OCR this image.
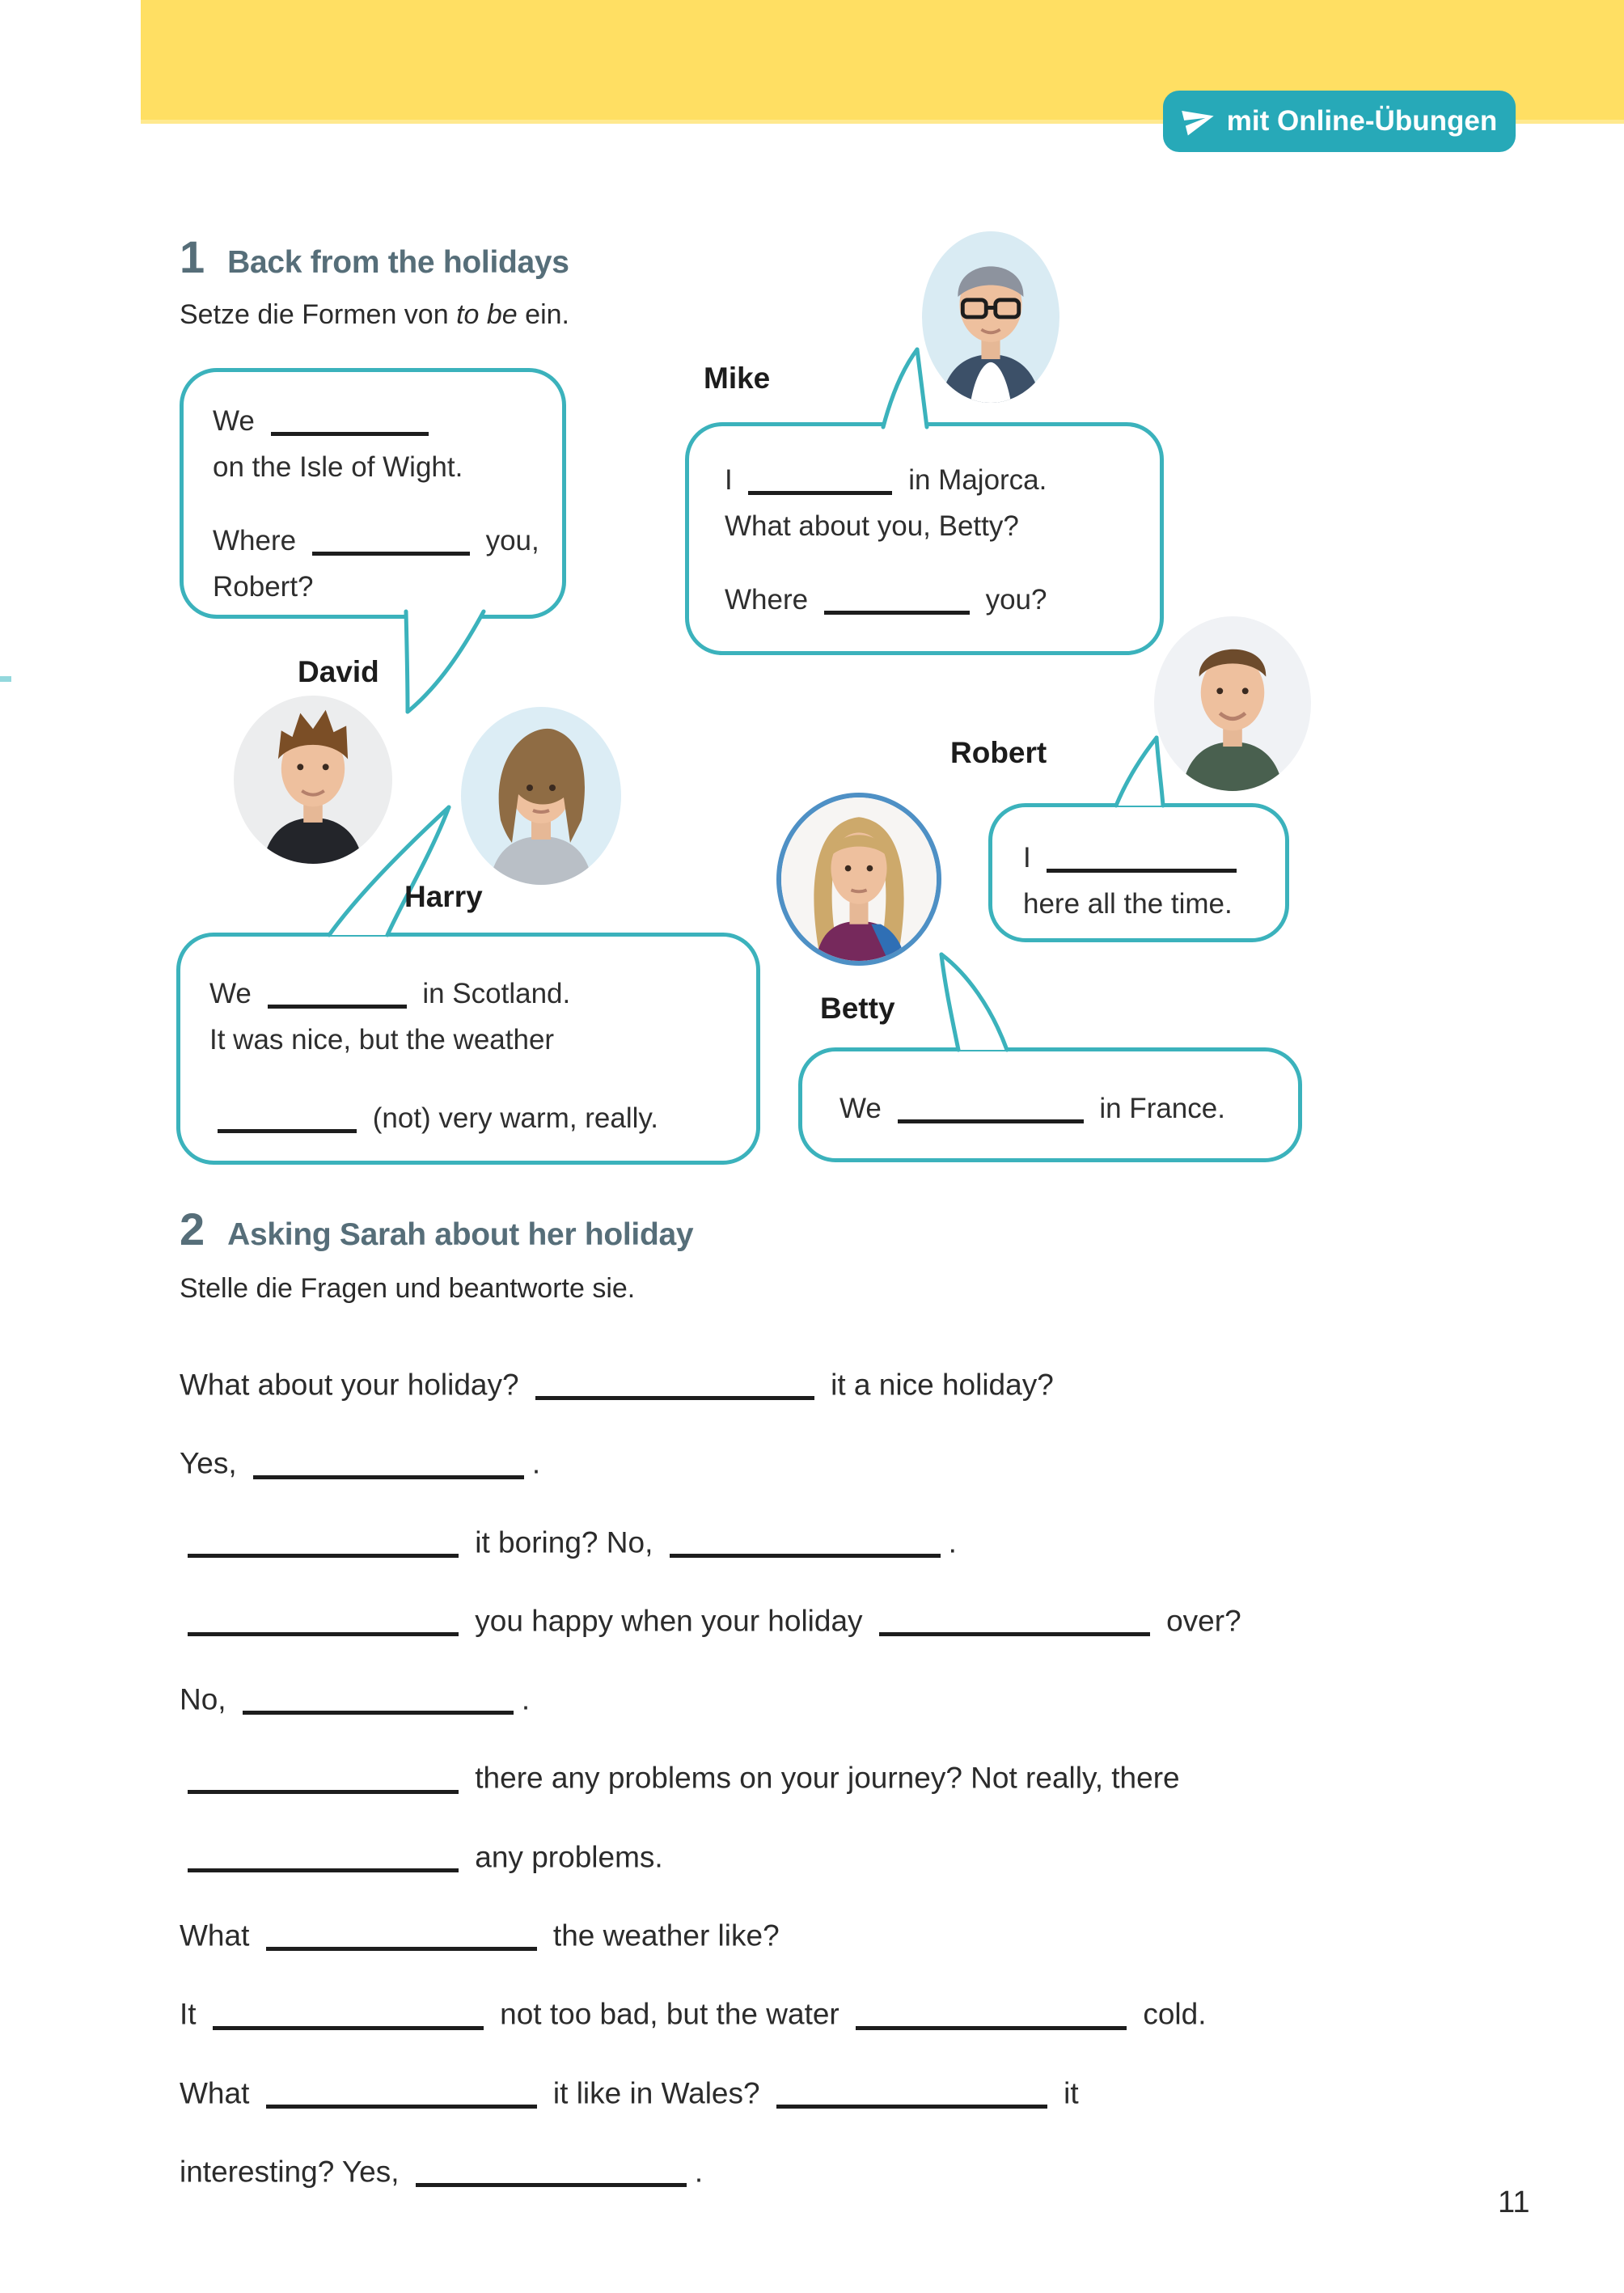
mit Online-Übungen
1 Back from the holidays
Setze die Formen von to be ein.
We
on the Isle of Wight.
Where	you,
Robert?
I	in Majorca.
What about you, Betty?
Where	you?
We	in Scotland.
It was nice, but the weather
(not) very warm, really.
I
here all the time.
We	in France.
David
Mike
Harry
Robert
Betty
2 Asking Sarah about her holiday
Stelle die Fragen und beantworte sie.
What about your holiday?	it a nice holiday?
Yes,	.
it boring? No,	.
you happy when your holiday	over?
No,	.
there any problems on your journey? Not really, there
any problems.
What	the weather like?
It	not too bad, but the water	cold.
What	it like in Wales?	it
interesting? Yes,	.
11
